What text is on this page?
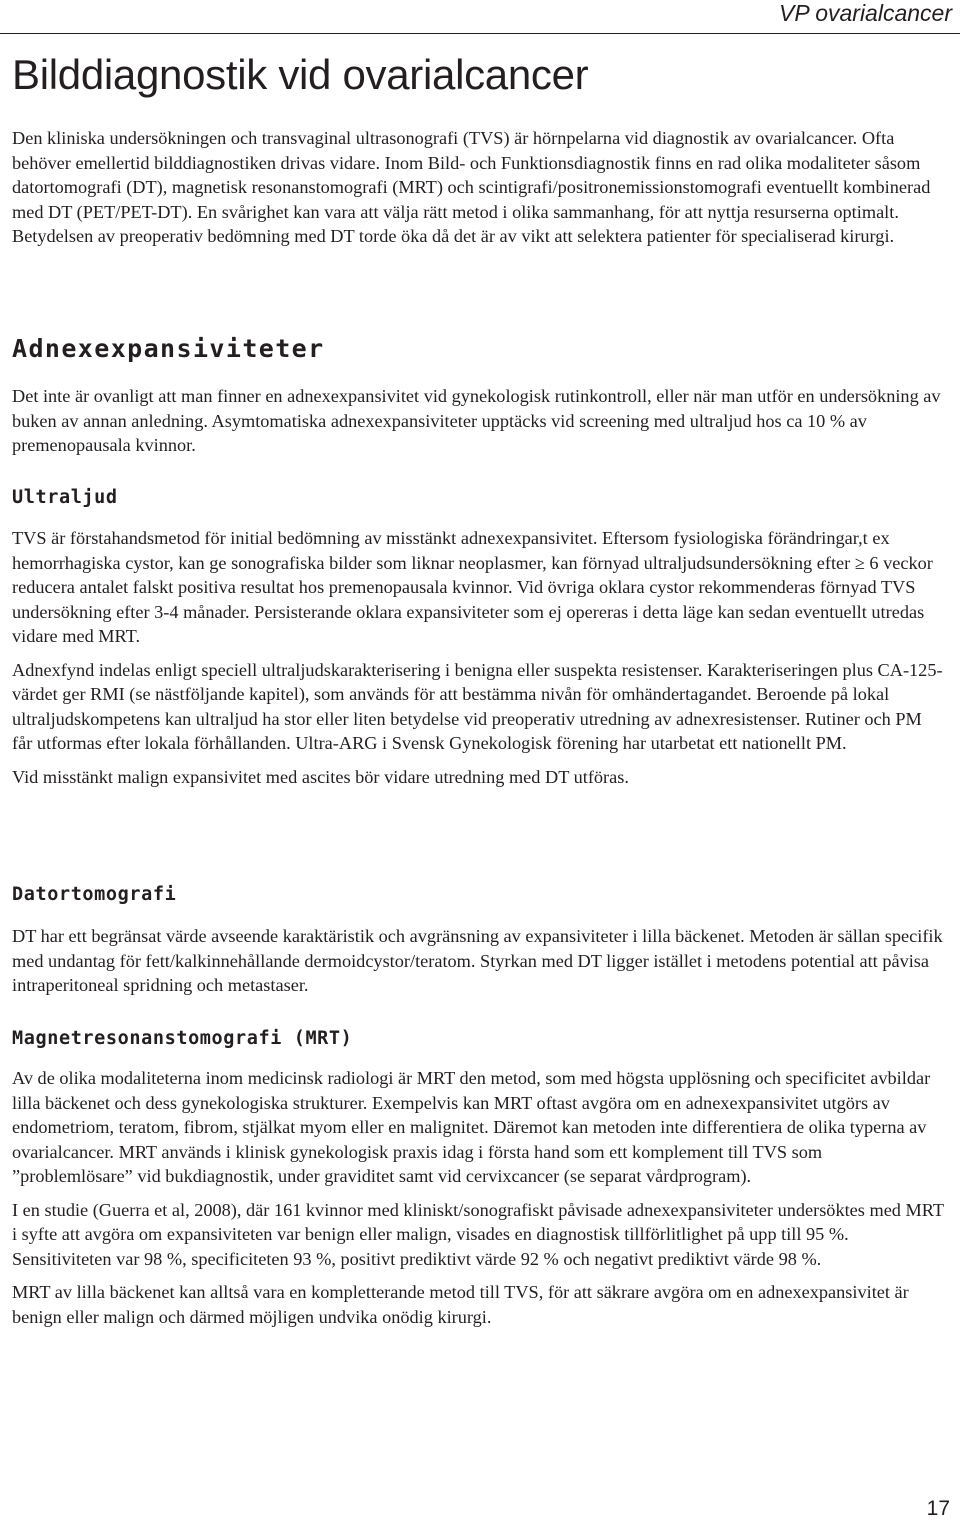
VP ovarialcancer
Bilddiagnostik vid ovarialcancer

Den kliniska undersökningen och transvaginal ultrasonografi (TVS) är hörnpelarna vid diagnostik av ovarialcancer. Ofta behöver emellertid bilddiagnostiken drivas vidare. Inom Bild- och Funktionsdiagnostik finns en rad olika modaliteter såsom datortomografi (DT), magnetisk resonanstomografi (MRT) och scintigrafi/positronemissionstomografi eventuellt kombinerad med DT (PET/PET-DT). En svårighet kan vara att välja rätt metod i olika sammanhang, för att nyttja resurserna optimalt. Betydelsen av preoperativ bedömning med DT torde öka då det är av vikt att selektera patienter för specialiserad kirurgi.

Adnexexpansiviteter

Det inte är ovanligt att man finner en adnexexpansivitet vid gynekologisk rutinkontroll, eller när man utför en undersökning av buken av annan anledning. Asymtomatiska adnexexpansiviteter upptäcks vid screening med ultraljud hos ca 10 % av premenopausala kvinnor.

Ultraljud

TVS är förstahandsmetod för initial bedömning av misstänkt adnexexpansivitet. Eftersom fysiologiska förändringar,t ex hemorrhagiska cystor, kan ge sonografiska bilder som liknar neoplasmer, kan förnyad ultraljudsundersökning efter ≥ 6 veckor reducera antalet falskt positiva resultat hos premenopausala kvinnor. Vid övriga oklara cystor rekommenderas förnyad TVS undersökning efter 3-4 månader. Persisterande oklara expansiviteter som ej opereras i detta läge kan sedan eventuellt utredas vidare med MRT.

Adnexfynd indelas enligt speciell ultraljudskarakterisering i benigna eller suspekta resistenser. Karakteriseringen plus CA-125-värdet ger RMI (se nästföljande kapitel), som används för att bestämma nivån för omhändertagandet. Beroende på lokal ultraljudskompetens kan ultraljud ha stor eller liten betydelse vid preoperativ utredning av adnexresistenser. Rutiner och PM får utformas efter lokala förhållanden. Ultra-ARG i Svensk Gynekologisk förening har utarbetat ett nationellt PM.

Vid misstänkt malign expansivitet med ascites bör vidare utredning med DT utföras.

Datortomografi

DT har ett begränsat värde avseende karaktäristik och avgränsning av expansiviteter i lilla bäckenet. Metoden är sällan specifik med undantag för fett/kalkinnehållande dermoidcystor/teratom. Styrkan med DT ligger istället i metodens potential att påvisa intraperitoneal spridning och metastaser.

Magnetresonanstomografi (MRT)

Av de olika modaliteterna inom medicinsk radiologi är MRT den metod, som med högsta upplösning och specificitet avbildar lilla bäckenet och dess gynekologiska strukturer. Exempelvis kan MRT oftast avgöra om en adnexexpansivitet utgörs av endometriom, teratom, fibrom, stjälkat myom eller en malignitet. Däremot kan metoden inte differentiera de olika typerna av ovarialcancer. MRT används i klinisk gynekologisk praxis idag i första hand som ett komplement till TVS som ”problemlösare” vid bukdiagnostik, under graviditet samt vid cervixcancer (se separat vårdprogram).

I en studie (Guerra et al, 2008), där 161 kvinnor med kliniskt/sonografiskt påvisade adnexexpansiviteter undersöktes med MRT i syfte att avgöra om expansiviteten var benign eller malign, visades en diagnostisk tillförlitlighet på upp till 95 %. Sensitiviteten var 98 %, specificiteten 93 %, positivt prediktivt värde 92 % och negativt prediktivt värde 98 %.

MRT av lilla bäckenet kan alltså vara en kompletterande metod till TVS, för att säkrare avgöra om en adnexexpansivitet är benign eller malign och därmed möjligen undvika onödig kirurgi.

17
